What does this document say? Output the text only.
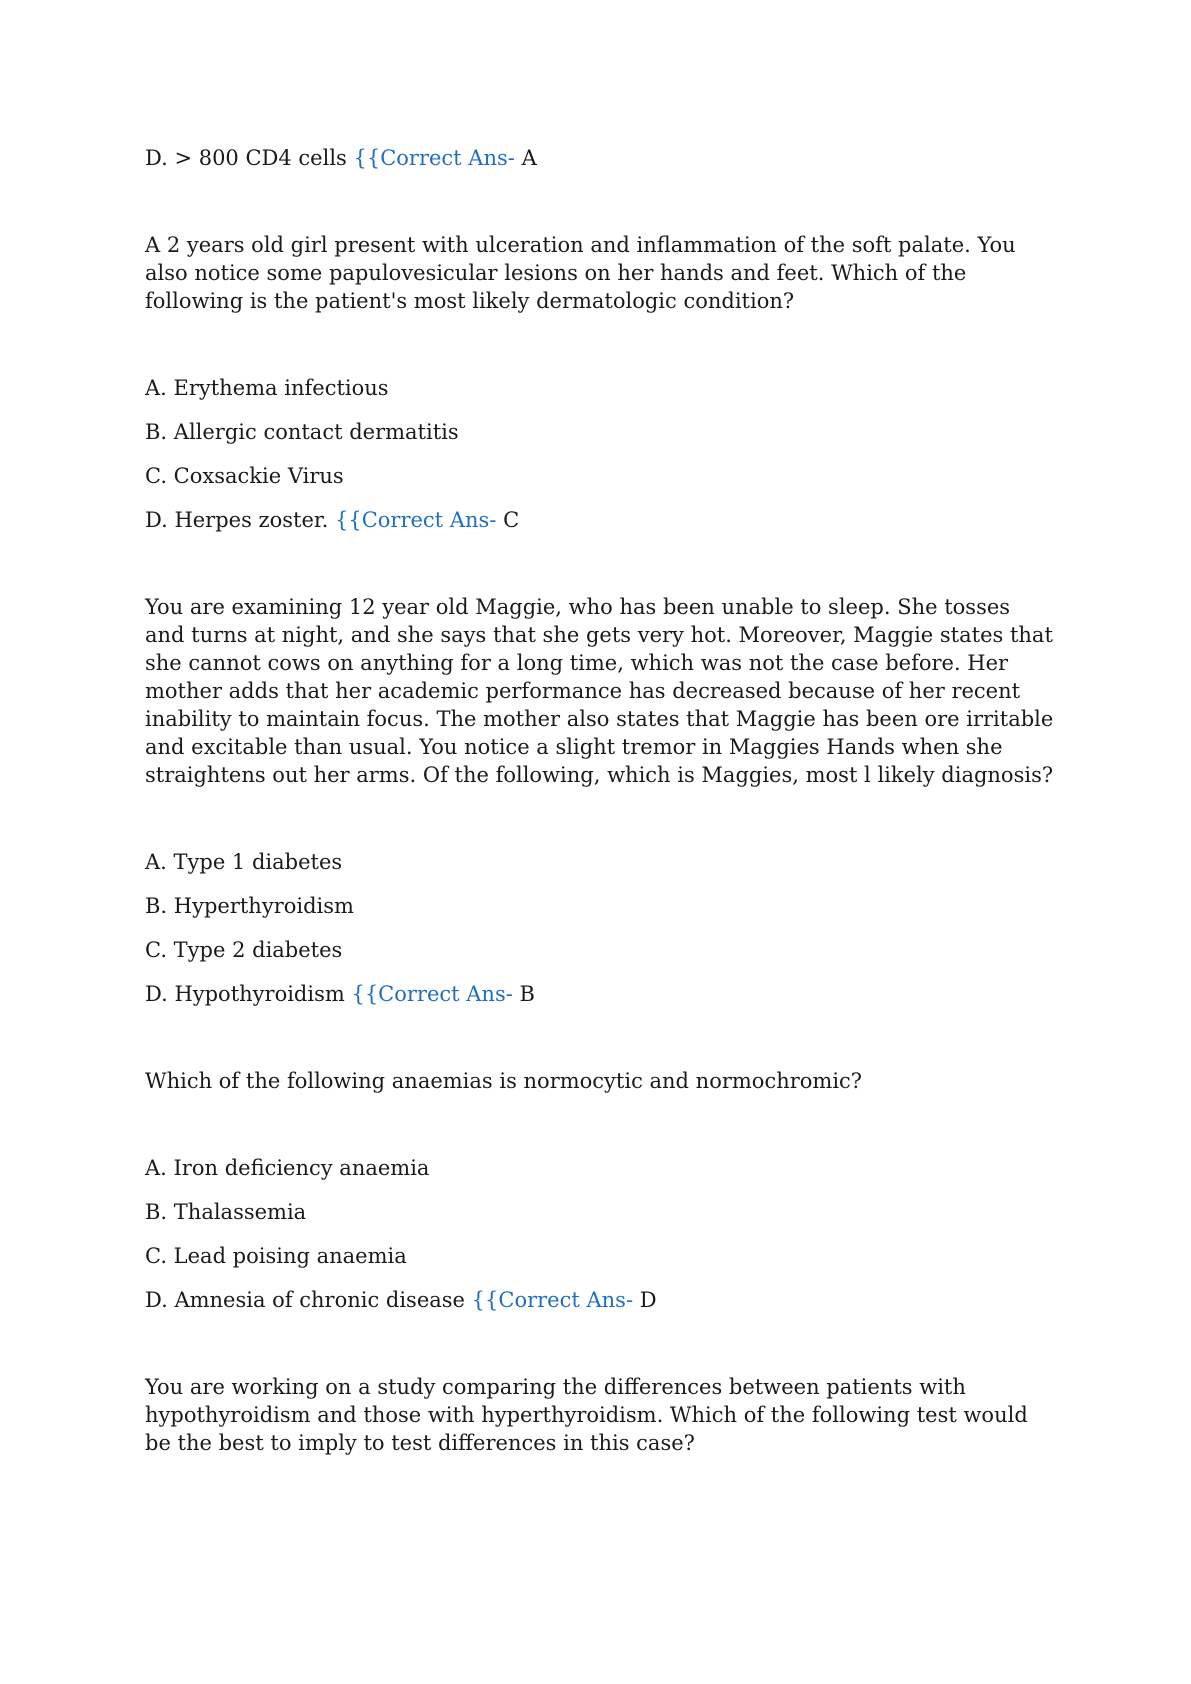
D. > 800 CD4 cells {{Correct Ans- A

A 2 years old girl present with ulceration and inflammation of the soft palate. You also notice some papulovesicular lesions on her hands and feet. Which of the following is the patient's most likely dermatologic condition?

A. Erythema infectious

B. Allergic contact dermatitis

C. Coxsackie Virus

D. Herpes zoster. {{Correct Ans- C

You are examining 12 year old Maggie, who has been unable to sleep. She tosses and turns at night, and she says that she gets very hot. Moreover, Maggie states that she cannot cows on anything for a long time, which was not the case before. Her mother adds that her academic performance has decreased because of her recent inability to maintain focus. The mother also states that Maggie has been ore irritable and excitable than usual. You notice a slight tremor in Maggies Hands when she straightens out her arms. Of the following, which is Maggies, most l likely diagnosis?

A. Type 1 diabetes

B. Hyperthyroidism

C. Type 2 diabetes

D. Hypothyroidism {{Correct Ans- B

Which of the following anaemias is normocytic and normochromic?

A. Iron deficiency anaemia

B. Thalassemia

C. Lead poising anaemia

D. Amnesia of chronic disease {{Correct Ans- D

You are working on a study comparing the differences between patients with hypothyroidism and those with hyperthyroidism. Which of the following test would be the best to imply to test differences in this case?
